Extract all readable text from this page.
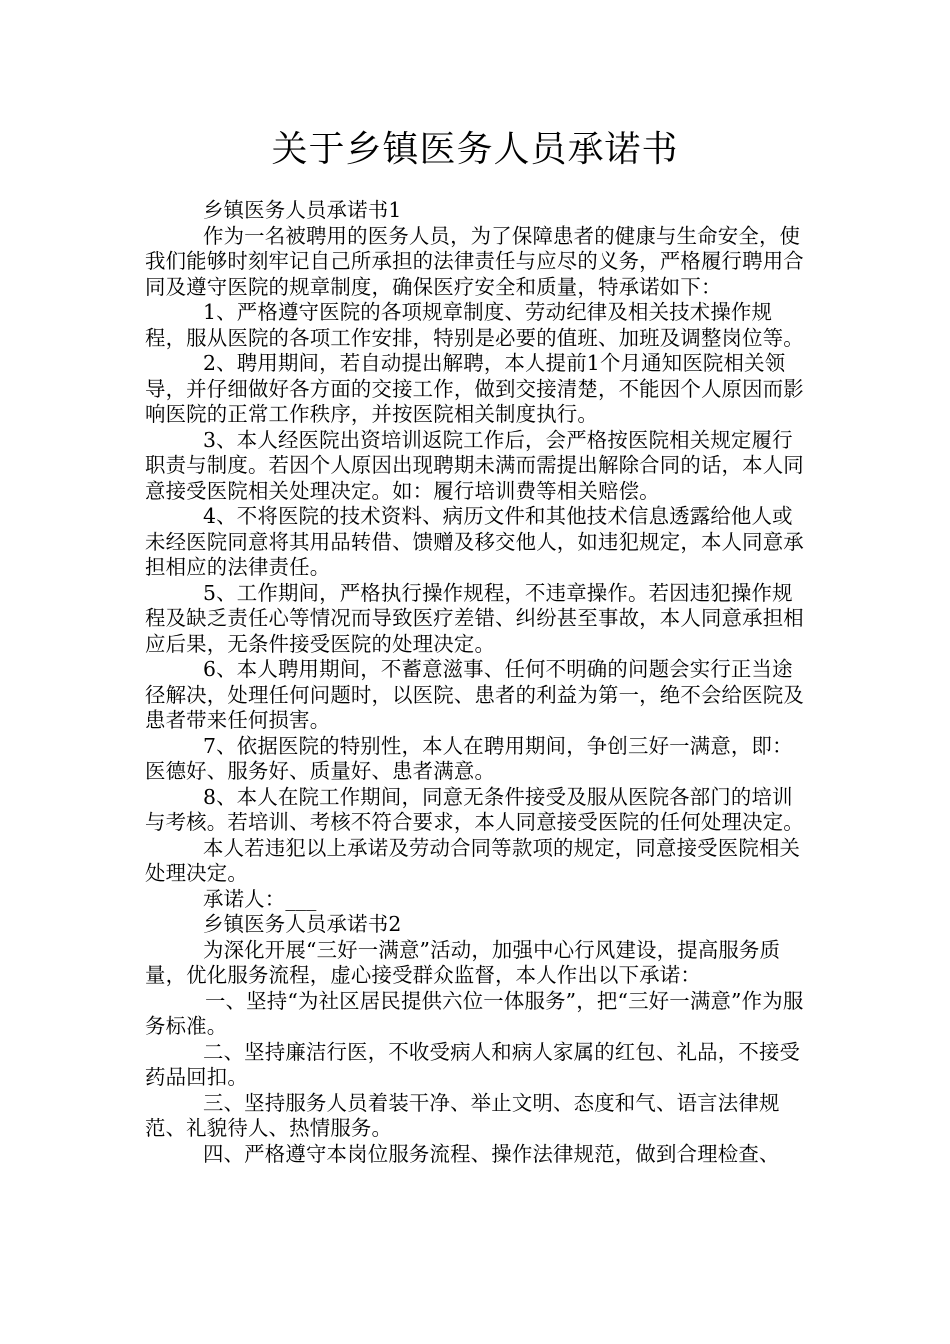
关于乡镇医务人员承诺书

乡镇医务人员承诺书1

作为一名被聘用的医务人员，为了保障患者的健康与生命安全，使我们能够时刻牢记自己所承担的法律责任与应尽的义务，严格履行聘用合同及遵守医院的规章制度，确保医疗安全和质量，特承诺如下：

1、严格遵守医院的各项规章制度、劳动纪律及相关技术操作规程，服从医院的各项工作安排，特别是必要的值班、加班及调整岗位等。

2、聘用期间，若自动提出解聘，本人提前1个月通知医院相关领导，并仔细做好各方面的交接工作，做到交接清楚，不能因个人原因而影响医院的正常工作秩序，并按医院相关制度执行。

3、本人经医院出资培训返院工作后，会严格按医院相关规定履行职责与制度。若因个人原因出现聘期未满而需提出解除合同的话，本人同意接受医院相关处理决定。如：履行培训费等相关赔偿。

4、不将医院的技术资料、病历文件和其他技术信息透露给他人或未经医院同意将其用品转借、馈赠及移交他人，如违犯规定，本人同意承担相应的法律责任。

5、工作期间，严格执行操作规程，不违章操作。若因违犯操作规程及缺乏责任心等情况而导致医疗差错、纠纷甚至事故，本人同意承担相应后果，无条件接受医院的处理决定。

6、本人聘用期间，不蓄意滋事、任何不明确的问题会实行正当途径解决，处理任何问题时，以医院、患者的利益为第一，绝不会给医院及患者带来任何损害。

7、依据医院的特别性，本人在聘用期间，争创三好一满意，即：医德好、服务好、质量好、患者满意。

8、本人在院工作期间，同意无条件接受及服从医院各部门的培训与考核。若培训、考核不符合要求，本人同意接受医院的任何处理决定。

本人若违犯以上承诺及劳动合同等款项的规定，同意接受医院相关处理决定。

承诺人：___

乡镇医务人员承诺书2

为深化开展“三好一满意”活动，加强中心行风建设，提高服务质量，优化服务流程，虚心接受群众监督，本人作出以下承诺：

一、坚持“为社区居民提供六位一体服务”，把“三好一满意”作为服务标准。

二、坚持廉洁行医，不收受病人和病人家属的红包、礼品，不接受药品回扣。

三、坚持服务人员着装干净、举止文明、态度和气、语言法律规范、礼貌待人、热情服务。

四、严格遵守本岗位服务流程、操作法律规范，做到合理检查、
